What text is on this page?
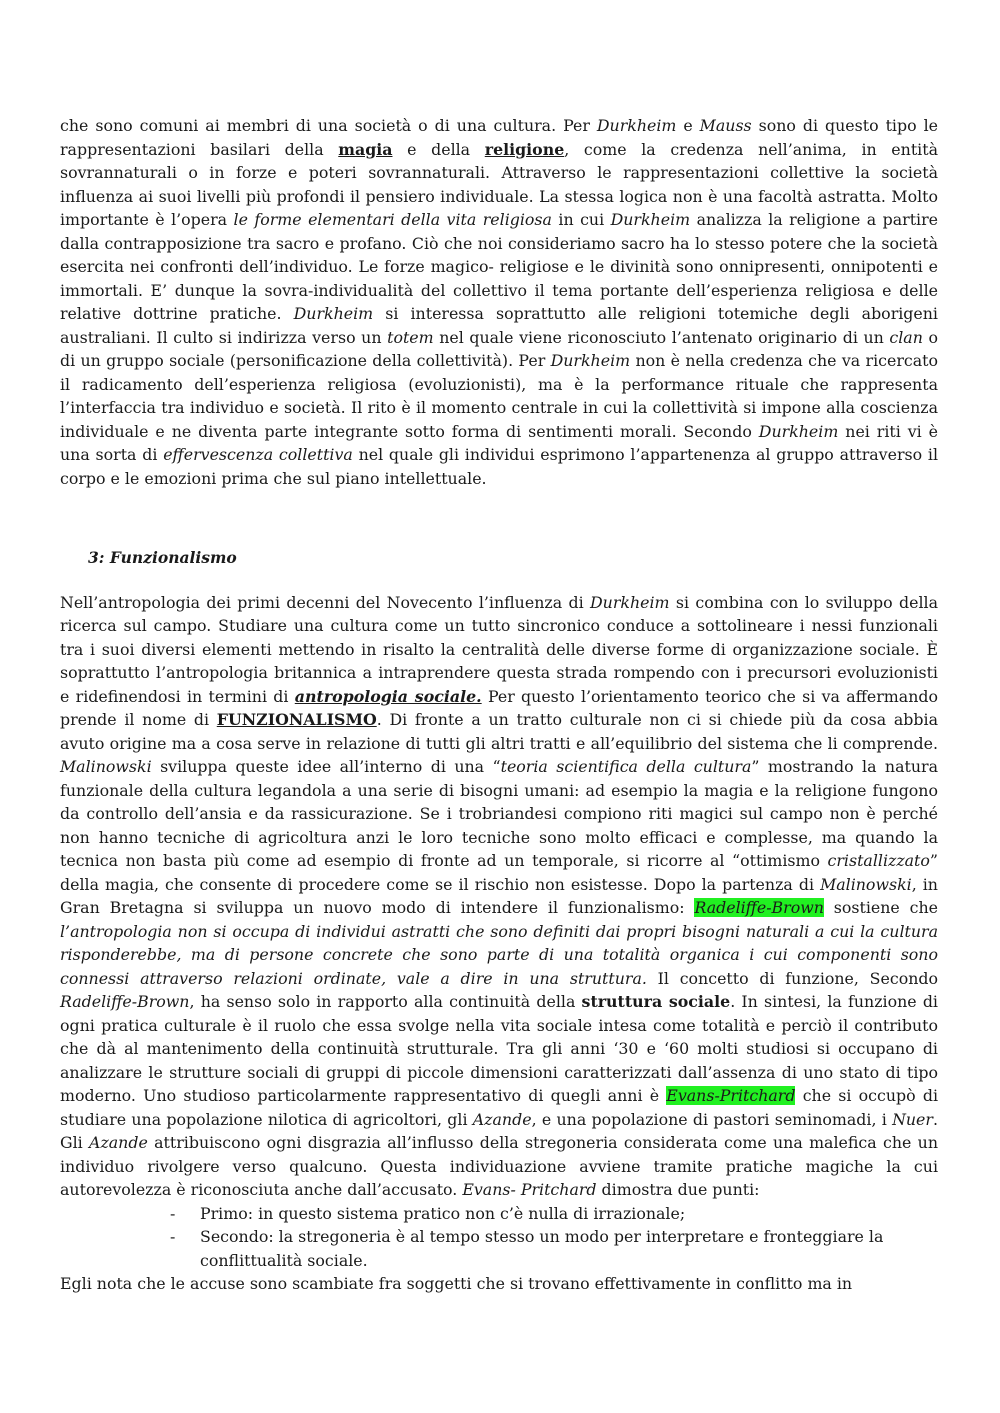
che sono comuni ai membri di una società o di una cultura. Per Durkheim e Mauss sono di questo tipo le rappresentazioni basilari della magia e della religione, come la credenza nell’anima, in entità sovrannaturali o in forze e poteri sovrannaturali. Attraverso le rappresentazioni collettive la società influenza ai suoi livelli più profondi il pensiero individuale. La stessa logica non è una facoltà astratta. Molto importante è l’opera le forme elementari della vita religiosa in cui Durkheim analizza la religione a partire dalla contrapposizione tra sacro e profano. Ciò che noi consideriamo sacro ha lo stesso potere che la società esercita nei confronti dell’individuo. Le forze magico- religiose e le divinità sono onnipresenti, onnipotenti e immortali. E’ dunque la sovra-individualità del collettivo il tema portante dell’esperienza religiosa e delle relative dottrine pratiche. Durkheim si interessa soprattutto alle religioni totemiche degli aborigeni australiani. Il culto si indirizza verso un totem nel quale viene riconosciuto l’antenato originario di un clan o di un gruppo sociale (personificazione della collettività). Per Durkheim non è nella credenza che va ricercato il radicamento dell’esperienza religiosa (evoluzionisti), ma è la performance rituale che rappresenta l’interfaccia tra individuo e società. Il rito è il momento centrale in cui la collettività si impone alla coscienza individuale e ne diventa parte integrante sotto forma di sentimenti morali. Secondo Durkheim nei riti vi è una sorta di effervescenza collettiva nel quale gli individui esprimono l’appartenenza al gruppo attraverso il corpo e le emozioni prima che sul piano intellettuale.

3: Funzionalismo

Nell’antropologia dei primi decenni del Novecento l’influenza di Durkheim si combina con lo sviluppo della ricerca sul campo. Studiare una cultura come un tutto sincronico conduce a sottolineare i nessi funzionali tra i suoi diversi elementi mettendo in risalto la centralità delle diverse forme di organizzazione sociale. È soprattutto l’antropologia britannica a intraprendere questa strada rompendo con i precursori evoluzionisti e ridefinendosi in termini di antropologia sociale. Per questo l’orientamento teorico che si va affermando prende il nome di FUNZIONALISMO. Di fronte a un tratto culturale non ci si chiede più da cosa abbia avuto origine ma a cosa serve in relazione di tutti gli altri tratti e all’equilibrio del sistema che li comprende. Malinowski sviluppa queste idee all’interno di una “teoria scientifica della cultura” mostrando la natura funzionale della cultura legandola a una serie di bisogni umani: ad esempio la magia e la religione fungono da controllo dell’ansia e da rassicurazione. Se i trobriandesi compiono riti magici sul campo non è perché non hanno tecniche di agricoltura anzi le loro tecniche sono molto efficaci e complesse, ma quando la tecnica non basta più come ad esempio di fronte ad un temporale, si ricorre al “ottimismo cristallizzato” della magia, che consente di procedere come se il rischio non esistesse. Dopo la partenza di Malinowski, in Gran Bretagna si sviluppa un nuovo modo di intendere il funzionalismo: Radeliffe-Brown sostiene che l’antropologia non si occupa di individui astratti che sono definiti dai propri bisogni naturali a cui la cultura risponderebbe, ma di persone concrete che sono parte di una totalità organica i cui componenti sono connessi attraverso relazioni ordinate, vale a dire in una struttura. Il concetto di funzione, Secondo Radeliffe-Brown, ha senso solo in rapporto alla continuità della struttura sociale. In sintesi, la funzione di ogni pratica culturale è il ruolo che essa svolge nella vita sociale intesa come totalità e perciò il contributo che dà al mantenimento della continuità strutturale. Tra gli anni ‘30 e ‘60 molti studiosi si occupano di analizzare le strutture sociali di gruppi di piccole dimensioni caratterizzati dall’assenza di uno stato di tipo moderno. Uno studioso particolarmente rappresentativo di quegli anni è Evans-Pritchard che si occupò di studiare una popolazione nilotica di agricoltori, gli Azande, e una popolazione di pastori seminomadi, i Nuer. Gli Azande attribuiscono ogni disgrazia all’influsso della stregoneria considerata come una malefica che un individuo rivolgere verso qualcuno. Questa individuazione avviene tramite pratiche magiche la cui autorevolezza è riconosciuta anche dall’accusato. Evans- Pritchard dimostra due punti:

- Primo: in questo sistema pratico non c’è nulla di irrazionale;
- Secondo: la stregoneria è al tempo stesso un modo per interpretare e fronteggiare la conflittualità sociale.

Egli nota che le accuse sono scambiate fra soggetti che si trovano effettivamente in conflitto ma in
